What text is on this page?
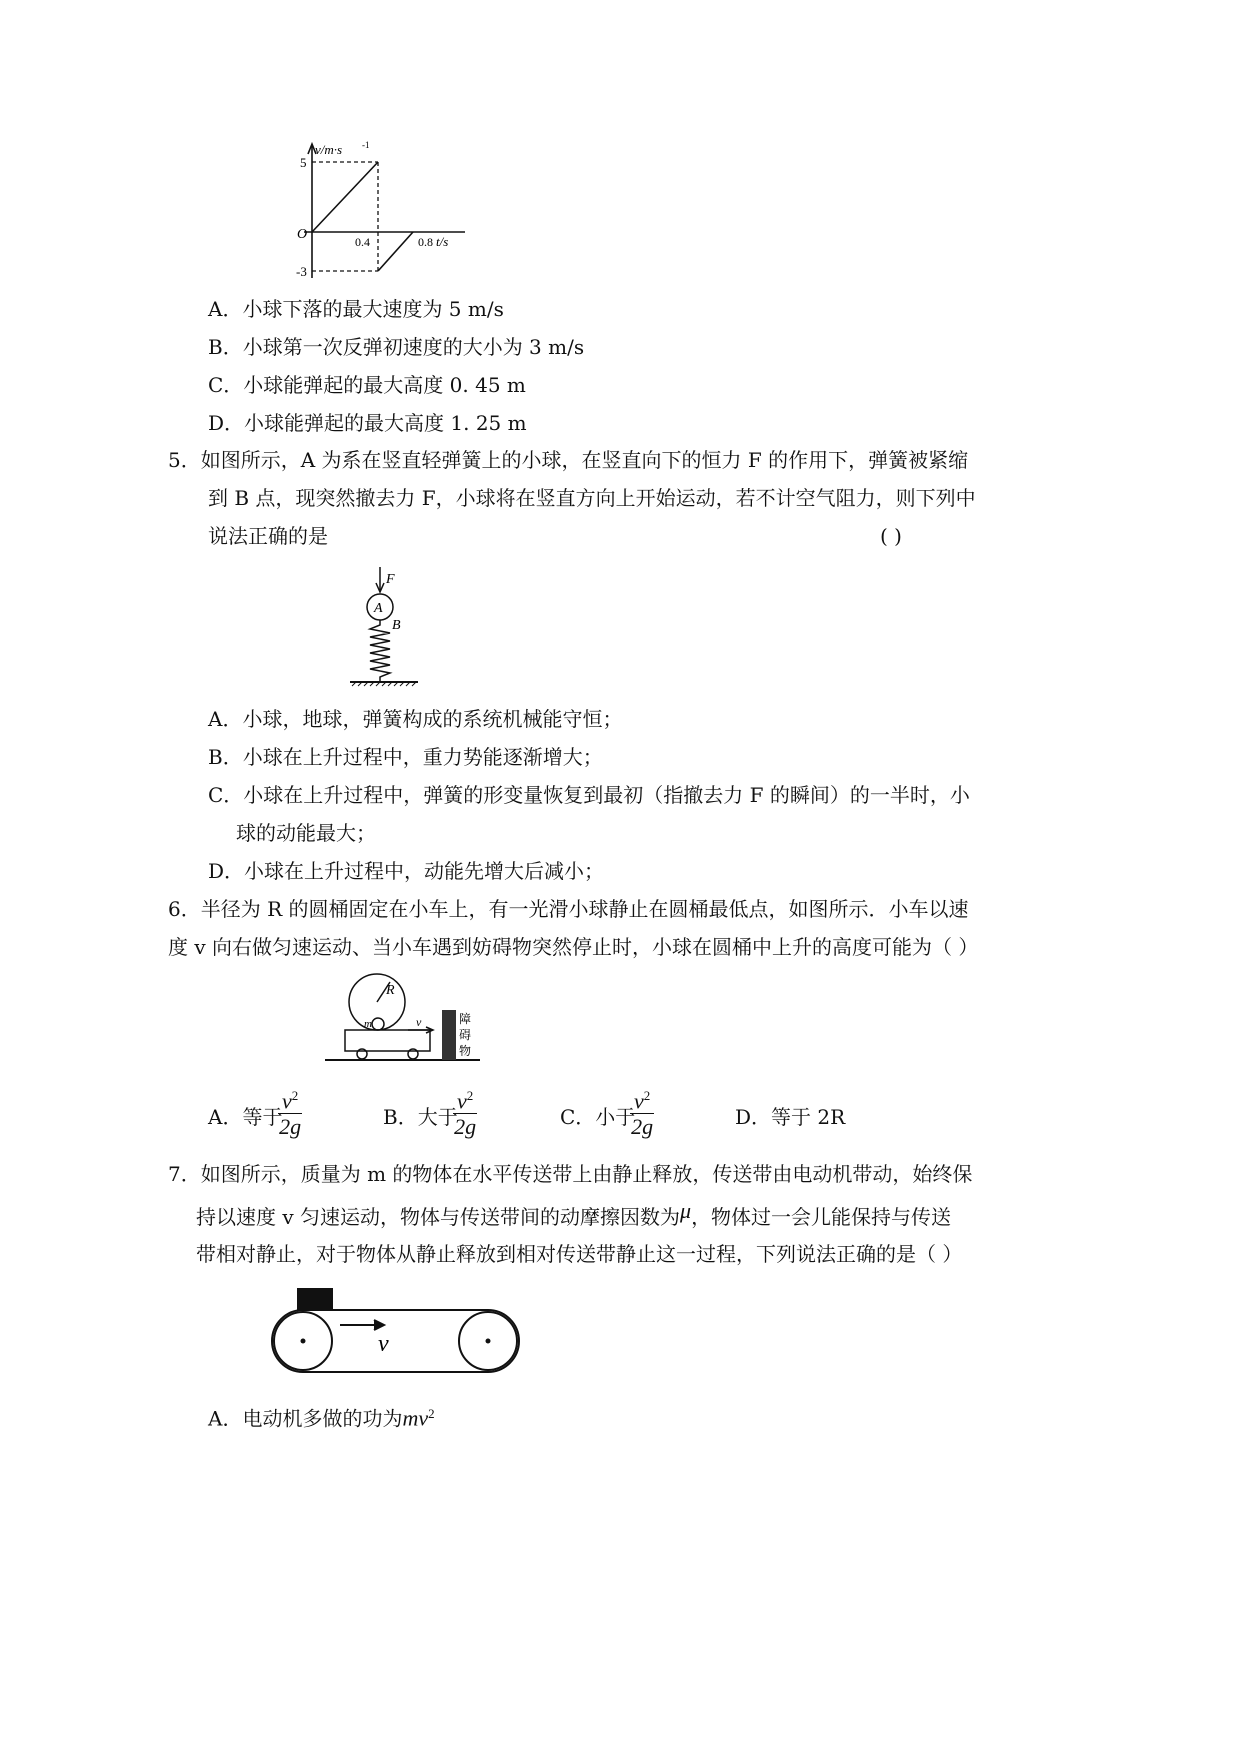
v/m·s -1
5
-3
O	0.4	0.8 t/s
A．小球下落的最大速度为 5 m/s
B．小球第一次反弹初速度的大小为 3 m/s
C．小球能弹起的最大高度 0. 45 m
D．小球能弹起的最大高度 1. 25 m
5．如图所示，A 为系在竖直轻弹簧上的小球，在竖直向下的恒力 F 的作用下，弹簧被紧缩
到 B 点，现突然撤去力 F，小球将在竖直方向上开始运动，若不计空气阻力，则下列中
说法正确的是	( )
F
A
B
A．小球，地球，弹簧构成的系统机械能守恒；
B．小球在上升过程中，重力势能逐渐增大；
C．小球在上升过程中，弹簧的形变量恢复到最初（指撤去力 F 的瞬间）的一半时，小
球的动能最大；
D．小球在上升过程中，动能先增大后减小；
6．半径为 R 的圆桶固定在小车上，有一光滑小球静止在圆桶最低点，如图所示．小车以速
度 v 向右做匀速运动、当小车遇到妨碍物突然停止时，小球在圆桶中上升的高度可能为（ ）
R
m	v	障
碍
物
A．等于
$\frac{v^2}{2g}$	B．大于
$\frac{v^2}{2g}$	C．小于
$\frac{v^2}{2g}$	D．等于 2R
7．如图所示，质量为 m 的物体在水平传送带上由静止释放，传送带由电动机带动，始终保
持以速度 v 匀速运动，物体与传送带间的动摩擦因数为μ，物体过一会儿能保持与传送
带相对静止，对于物体从静止释放到相对传送带静止这一过程，下列说法正确的是（ ）
v
A．电动机多做的功为$mv^2$
